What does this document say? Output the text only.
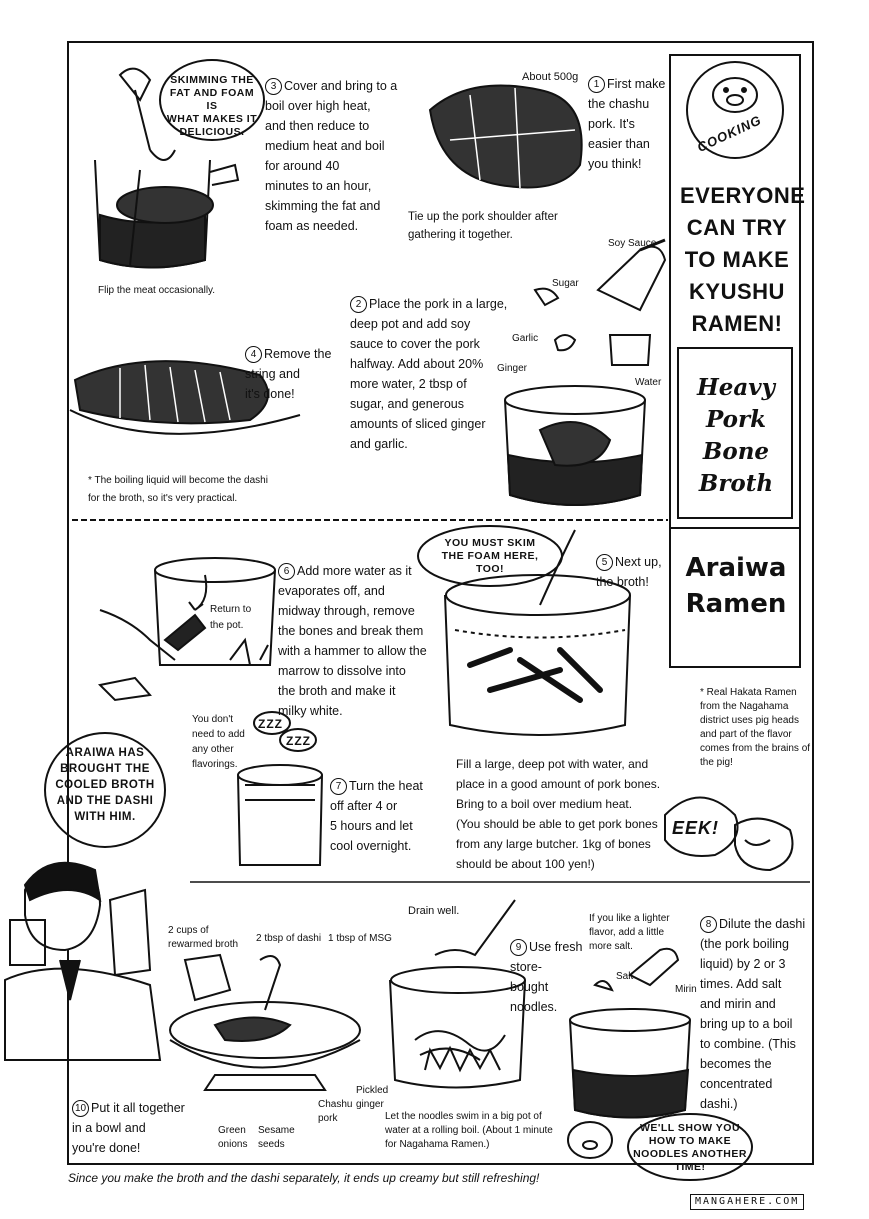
COOKING

EVERYONE
CAN TRY
TO MAKE
KYUSHU
RAMEN!

Heavy
Pork Bone
Broth

Araiwa
Ramen

* Real Hakata Ramen
from the Nagahama
district uses pig heads
and part of the flavor
comes from the brains of
the pig!

1 First make
the chashu
pork. It's
easier than
you think!

2 Place the pork in a large,
deep pot and add soy
sauce to cover the pork
halfway. Add about 20%
more water, 2 tbsp of
sugar, and generous
amounts of sliced ginger
and garlic.

3 Cover and bring to a
boil over high heat,
and then reduce to
medium heat and boil
for around 40
minutes to an hour,
skimming the fat and
foam as needed.

4 Remove the
string and
it's done!

5 Next up,
the broth!

6 Add more water as it
evaporates off, and
midway through, remove
the bones and break them
with a hammer to allow the
marrow to dissolve into
the broth and make it
milky white.

7 Turn the heat
off after 4 or
5 hours and let
cool overnight.

8 Dilute the dashi
(the pork boiling
liquid) by 2 or 3
times. Add salt
and mirin and
bring up to a boil
to combine. (This
becomes the
concentrated
dashi.)

9 Use fresh
store-
bought
noodles.

10 Put it all together
in a bowl and
you're done!

SKIMMING THE
FAT AND FOAM IS
WHAT MAKES IT
DELICIOUS.

YOU MUST SKIM
THE FOAM HERE,
TOO!

ARAIWA HAS
BROUGHT THE
COOLED BROTH
AND THE DASHI
WITH HIM.

WE'LL SHOW YOU
HOW TO MAKE
NOODLES ANOTHER
TIME!

ZZZ

ZZZ

EEK!

About 500g

Tie up the pork shoulder after
gathering it together.

Flip the meat occasionally.

* The boiling liquid will become the dashi
for the broth, so it's very practical.

Soy Sauce

Sugar

Garlic

Ginger

Water

Return to
the pot.

You don't
need to add
any other
flavorings.	Fill a large, deep pot with water, and
place in a good amount of pork bones.
Bring to a boil over medium heat.
(You should be able to get pork bones
from any large butcher. 1kg of bones
should be about 100 yen!)

2 cups of
rewarmed broth

2 tbsp of dashi 1 tbsp of MSG

Drain well.

If you like a lighter
flavor, add a little
more salt.

Salt

Mirin

Green
onions

Sesame
seeds

Chashu
pork

Pickled
ginger

Let the noodles swim in a big pot of
water at a rolling boil. (About 1 minute
for Nagahama Ramen.)

Since you make the broth and the dashi separately, it ends up creamy but still refreshing!

MANGAHERE.COM
